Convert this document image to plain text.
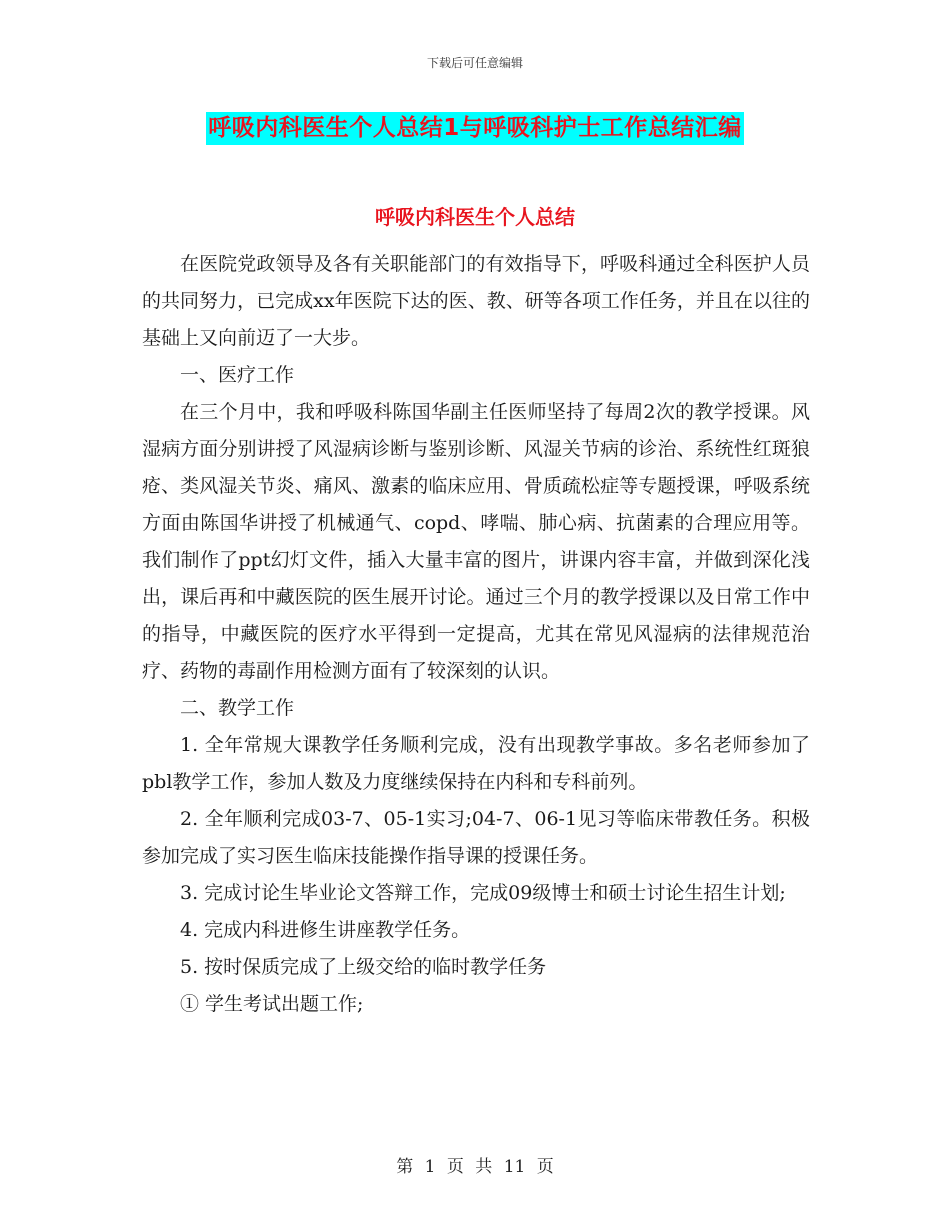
下载后可任意编辑
呼吸内科医生个人总结1与呼吸科护士工作总结汇编
呼吸内科医生个人总结

在医院党政领导及各有关职能部门的有效指导下，呼吸科通过全科医护人员的共同努力，已完成xx年医院下达的医、教、研等各项工作任务，并且在以往的基础上又向前迈了一大步。

一、医疗工作

在三个月中，我和呼吸科陈国华副主任医师坚持了每周2次的教学授课。风湿病方面分别讲授了风湿病诊断与鉴别诊断、风湿关节病的诊治、系统性红斑狼疮、类风湿关节炎、痛风、激素的临床应用、骨质疏松症等专题授课，呼吸系统方面由陈国华讲授了机械通气、copd、哮喘、肺心病、抗菌素的合理应用等。我们制作了ppt幻灯文件，插入大量丰富的图片，讲课内容丰富，并做到深化浅出，课后再和中藏医院的医生展开讨论。通过三个月的教学授课以及日常工作中的指导，中藏医院的医疗水平得到一定提高，尤其在常见风湿病的法律规范治疗、药物的毒副作用检测方面有了较深刻的认识。

二、教学工作

1. 全年常规大课教学任务顺利完成，没有出现教学事故。多名老师参加了pbl教学工作，参加人数及力度继续保持在内科和专科前列。

2. 全年顺利完成03-7、05-1实习;04-7、06-1见习等临床带教任务。积极参加完成了实习医生临床技能操作指导课的授课任务。

3. 完成讨论生毕业论文答辩工作，完成09级博士和硕士讨论生招生计划;

4. 完成内科进修生讲座教学任务。

5. 按时保质完成了上级交给的临时教学任务

① 学生考试出题工作;

第 1 页 共 11 页
